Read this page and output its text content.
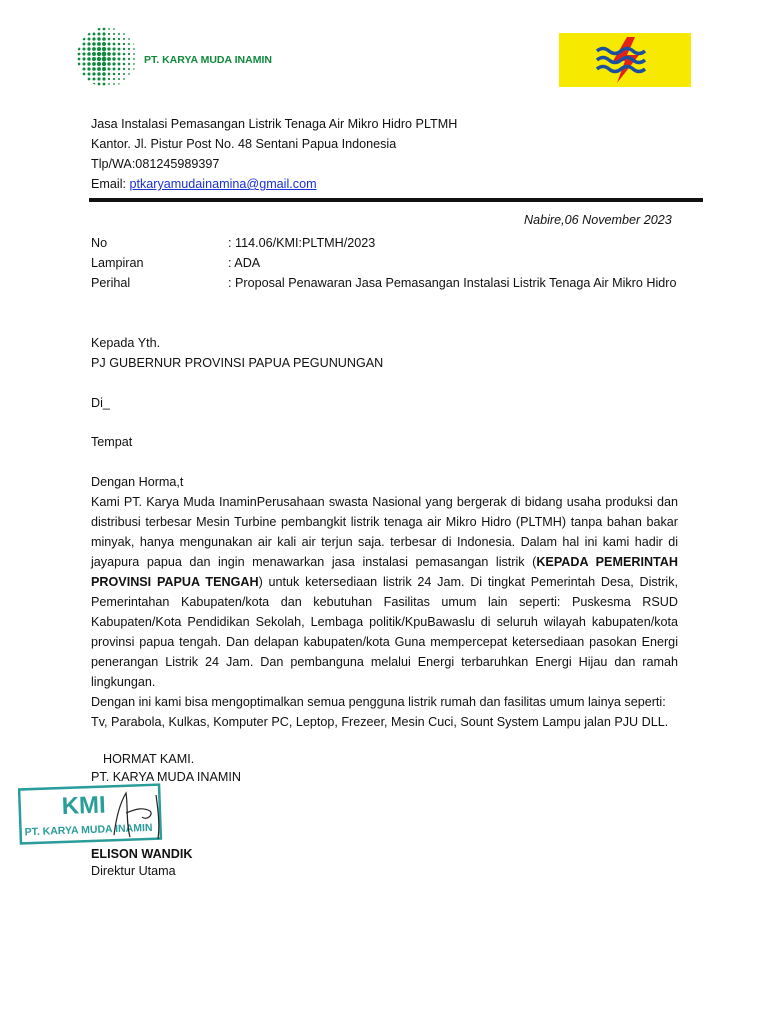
PT. KARYA MUDA INAMIN
Jasa Instalasi Pemasangan Listrik Tenaga Air Mikro Hidro PLTMH
Kantor. Jl. Pistur Post No. 48 Sentani Papua Indonesia
Tlp/WA:081245989397
Email: ptkaryamudainamina@gmail.com
Nabire,06 November 2023
No	: 114.06/KMI:PLTMH/2023
Lampiran	: ADA
Perihal	: Proposal Penawaran Jasa Pemasangan Instalasi Listrik Tenaga Air Mikro Hidro
Kepada Yth.
PJ GUBERNUR PROVINSI PAPUA PEGUNUNGAN
Di_
Tempat
Dengan Horma,t
Kami PT. Karya Muda InaminPerusahaan swasta Nasional yang bergerak di bidang usaha produksi dan distribusi terbesar Mesin Turbine pembangkit listrik tenaga air Mikro Hidro (PLTMH) tanpa bahan bakar minyak, hanya mengunakan air kali air terjun saja. terbesar di Indonesia. Dalam hal ini kami hadir di jayapura papua dan ingin menawarkan jasa instalasi pemasangan listrik (KEPADA PEMERINTAH PROVINSI PAPUA TENGAH) untuk ketersediaan listrik 24 Jam. Di tingkat Pemerintah Desa, Distrik, Pemerintahan Kabupaten/kota dan kebutuhan Fasilitas umum lain seperti: Puskesma RSUD Kabupaten/Kota Pendidikan Sekolah, Lembaga politik/KpuBawaslu di seluruh wilayah kabupaten/kota provinsi papua tengah. Dan delapan kabupaten/kota Guna mempercepat ketersediaan pasokan Energi penerangan Listrik 24 Jam. Dan pembanguna melalui Energi terbaruhkan Energi Hijau dan ramah lingkungan.
Dengan ini kami bisa mengoptimalkan semua pengguna listrik rumah dan fasilitas umum lainya seperti:
Tv, Parabola, Kulkas, Komputer PC, Leptop, Frezeer, Mesin Cuci, Sount System Lampu jalan PJU DLL.
HORMAT KAMI.
PT. KARYA MUDA INAMIN
KMI
PT. KARYA MUDA INAMIN
ELISON WANDIK
Direktur Utama
